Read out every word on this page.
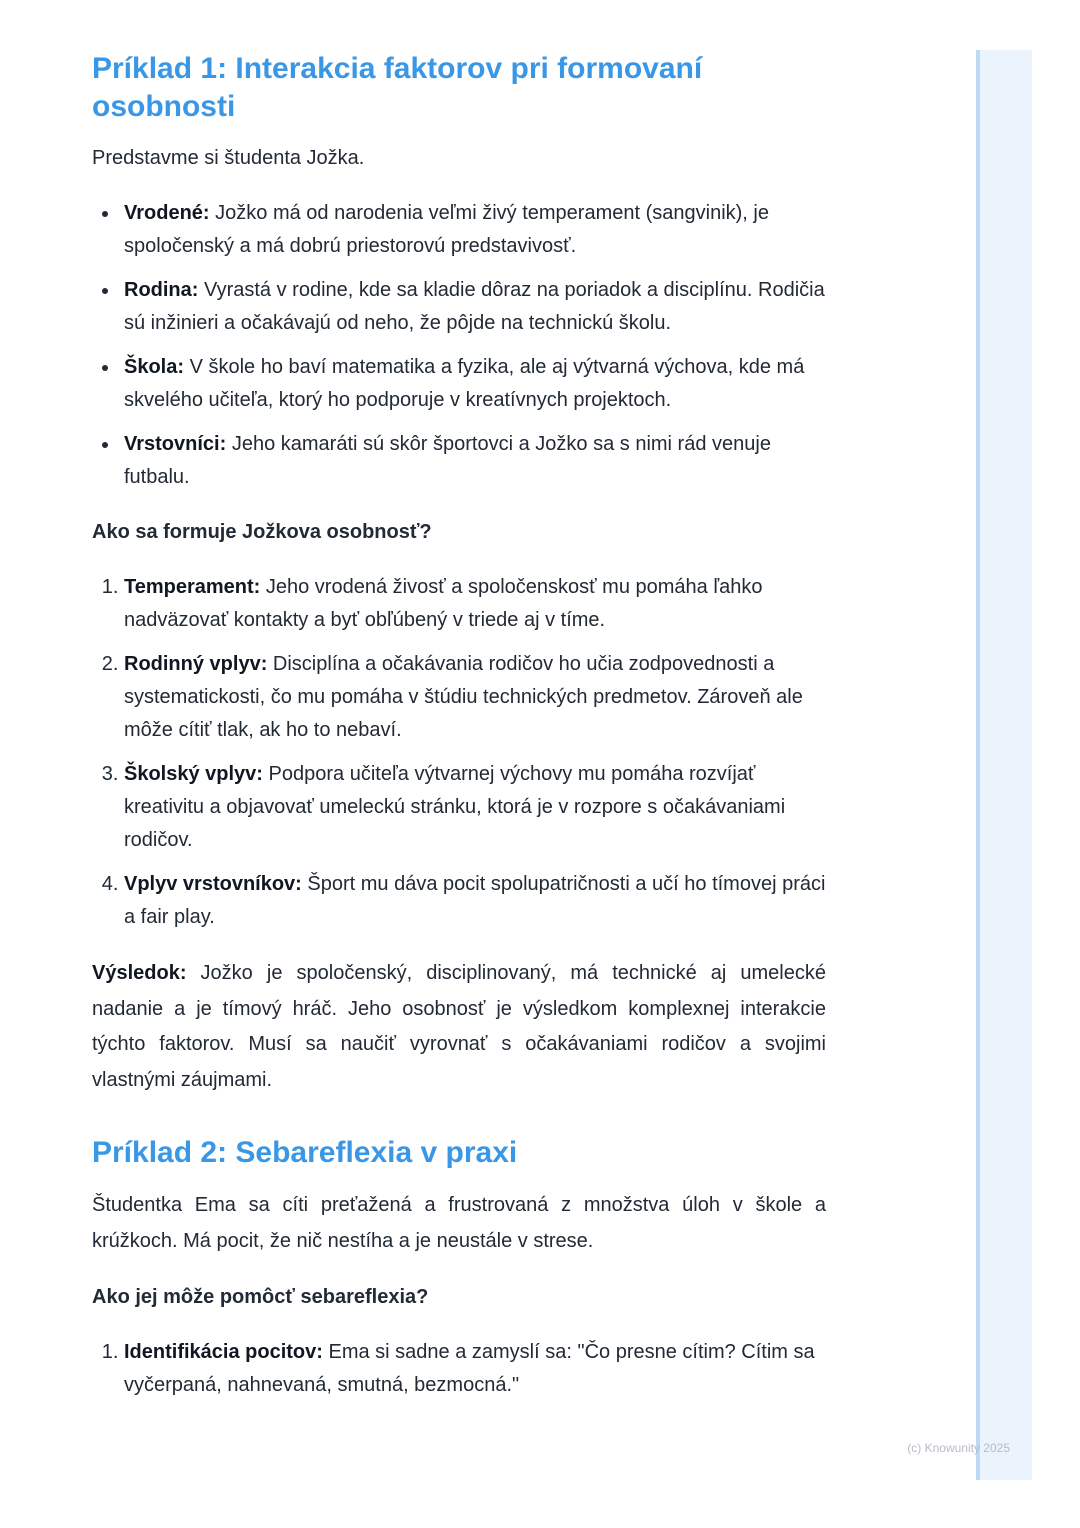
Príklad 1: Interakcia faktorov pri formovaní osobnosti

Predstavme si študenta Jožka.

Vrodené: Jožko má od narodenia veľmi živý temperament (sangvinik), je spoločenský a má dobrú priestorovú predstavivosť.
Rodina: Vyrastá v rodine, kde sa kladie dôraz na poriadok a disciplínu. Rodičia sú inžinieri a očakávajú od neho, že pôjde na technickú školu.
Škola: V škole ho baví matematika a fyzika, ale aj výtvarná výchova, kde má skvelého učiteľa, ktorý ho podporuje v kreatívnych projektoch.
Vrstovníci: Jeho kamaráti sú skôr športovci a Jožko sa s nimi rád venuje futbalu.

Ako sa formuje Jožkova osobnosť?

1. Temperament: Jeho vrodená živosť a spoločenskosť mu pomáha ľahko nadväzovať kontakty a byť obľúbený v triede aj v tíme.
2. Rodinný vplyv: Disciplína a očakávania rodičov ho učia zodpovednosti a systematickosti, čo mu pomáha v štúdiu technických predmetov. Zároveň ale môže cítiť tlak, ak ho to nebaví.
3. Školský vplyv: Podpora učiteľa výtvarnej výchovy mu pomáha rozvíjať kreativitu a objavovať umeleckú stránku, ktorá je v rozpore s očakávaniami rodičov.
4. Vplyv vrstovníkov: Šport mu dáva pocit spolupatričnosti a učí ho tímovej práci a fair play.

Výsledok: Jožko je spoločenský, disciplinovaný, má technické aj umelecké nadanie a je tímový hráč. Jeho osobnosť je výsledkom komplexnej interakcie týchto faktorov. Musí sa naučiť vyrovnať s očakávaniami rodičov a svojimi vlastnými záujmami.

Príklad 2: Sebareflexia v praxi

Študentka Ema sa cíti preťažená a frustrovaná z množstva úloh v škole a krúžkoch. Má pocit, že nič nestíha a je neustále v strese.

Ako jej môže pomôcť sebareflexia?

1. Identifikácia pocitov: Ema si sadne a zamyslí sa: "Čo presne cítim? Cítim sa vyčerpaná, nahnevaná, smutná, bezmocná."
(c) Knowunity 2025
